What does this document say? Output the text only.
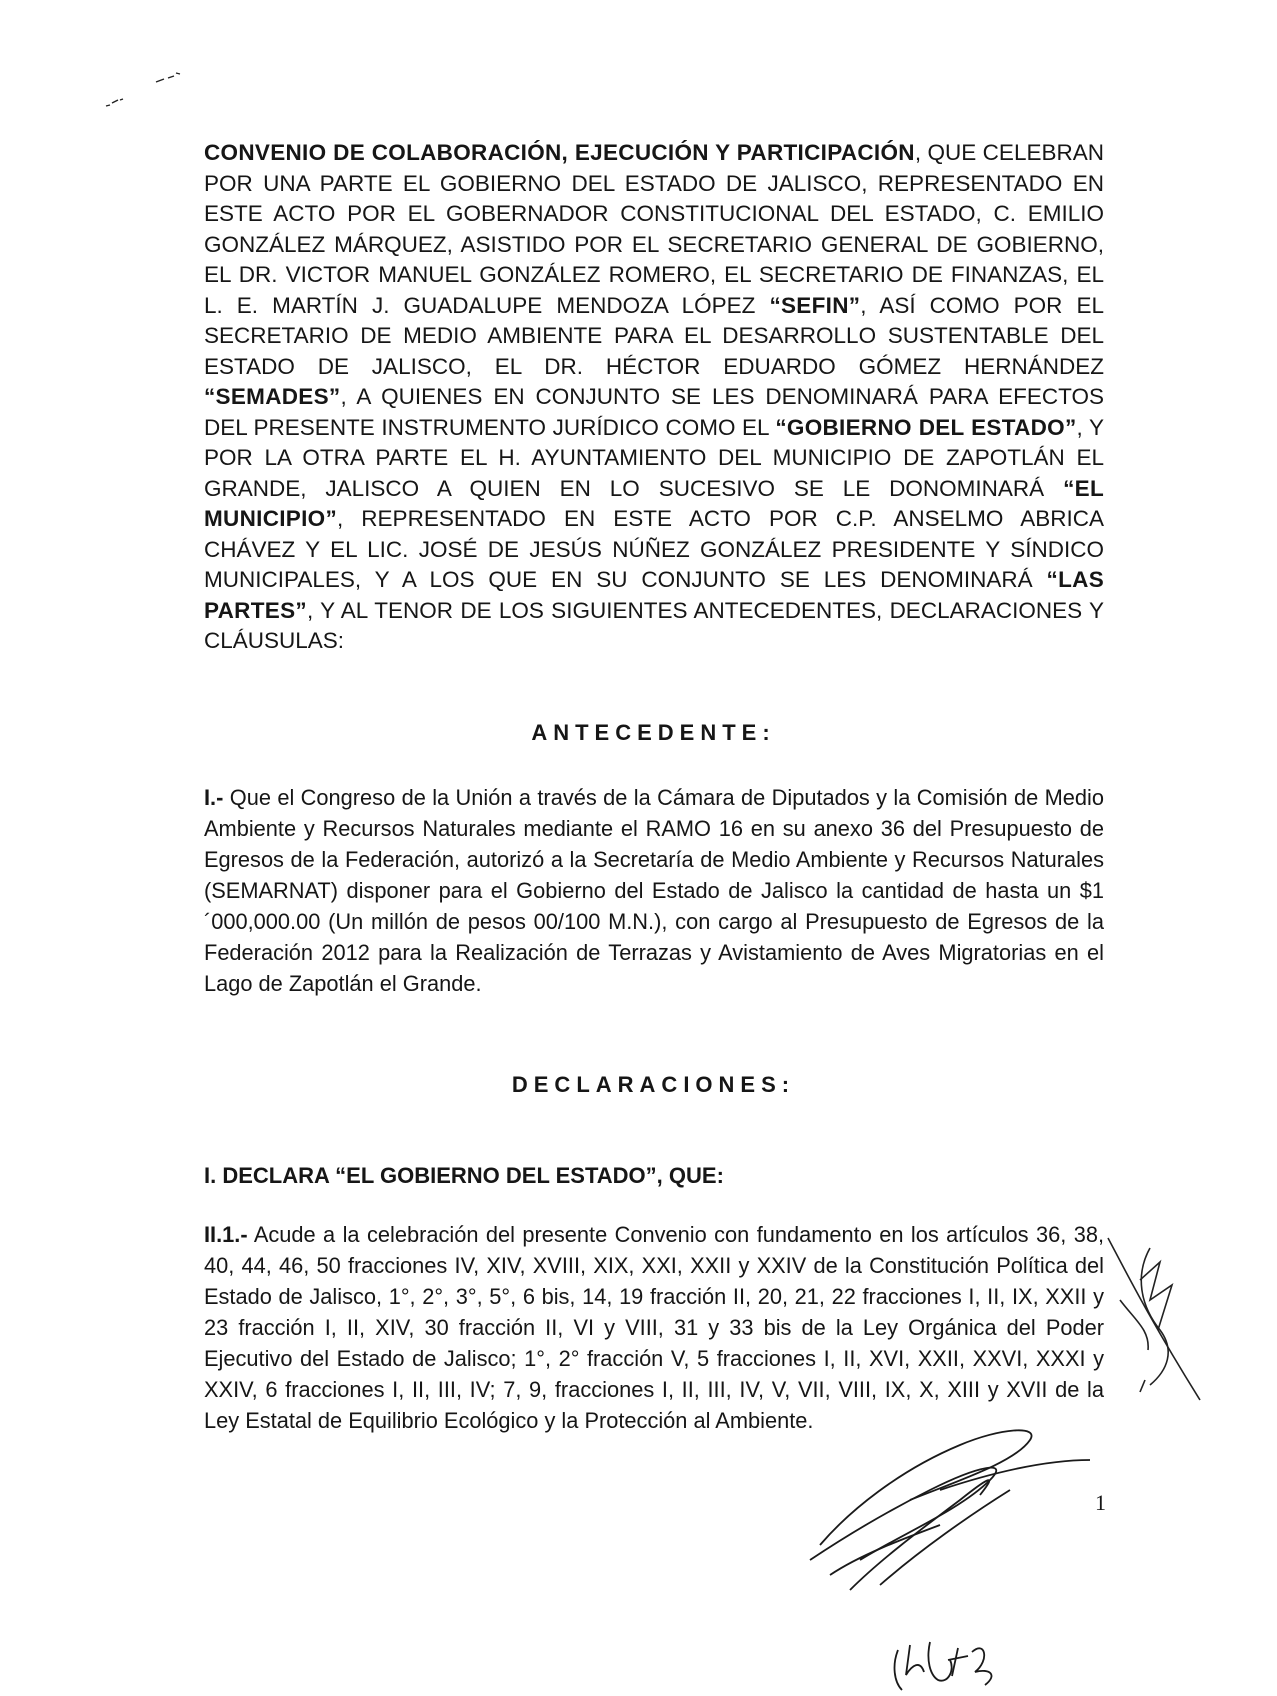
CONVENIO DE COLABORACIÓN, EJECUCIÓN Y PARTICIPACIÓN, QUE CELEBRAN POR UNA PARTE EL GOBIERNO DEL ESTADO DE JALISCO, REPRESENTADO EN ESTE ACTO POR EL GOBERNADOR CONSTITUCIONAL DEL ESTADO, C. EMILIO GONZÁLEZ MÁRQUEZ, ASISTIDO POR EL SECRETARIO GENERAL DE GOBIERNO, EL DR. VICTOR MANUEL GONZÁLEZ ROMERO, EL SECRETARIO DE FINANZAS, EL L. E. MARTÍN J. GUADALUPE MENDOZA LÓPEZ “SEFIN”, ASÍ COMO POR EL SECRETARIO DE MEDIO AMBIENTE PARA EL DESARROLLO SUSTENTABLE DEL ESTADO DE JALISCO, EL DR. HÉCTOR EDUARDO GÓMEZ HERNÁNDEZ “SEMADES”, A QUIENES EN CONJUNTO SE LES DENOMINARÁ PARA EFECTOS DEL PRESENTE INSTRUMENTO JURÍDICO COMO EL “GOBIERNO DEL ESTADO”, Y POR LA OTRA PARTE EL H. AYUNTAMIENTO DEL MUNICIPIO DE ZAPOTLÁN EL GRANDE, JALISCO A QUIEN EN LO SUCESIVO SE LE DONOMINARÁ “EL MUNICIPIO”, REPRESENTADO EN ESTE ACTO POR C.P. ANSELMO ABRICA CHÁVEZ Y EL LIC. JOSÉ DE JESÚS NÚÑEZ GONZÁLEZ PRESIDENTE Y SÍNDICO MUNICIPALES, Y A LOS QUE EN SU CONJUNTO SE LES DENOMINARÁ “LAS PARTES”, Y AL TENOR DE LOS SIGUIENTES ANTECEDENTES, DECLARACIONES Y CLÁUSULAS:
ANTECEDENTE:
I.- Que el Congreso de la Unión a través de la Cámara de Diputados y la Comisión de Medio Ambiente y Recursos Naturales mediante el RAMO 16 en su anexo 36 del Presupuesto de Egresos de la Federación, autorizó a la Secretaría de Medio Ambiente y Recursos Naturales (SEMARNAT) disponer para el Gobierno del Estado de Jalisco la cantidad de hasta un $1´000,000.00 (Un millón de pesos 00/100 M.N.), con cargo al Presupuesto de Egresos de la Federación 2012 para la Realización de Terrazas y Avistamiento de Aves Migratorias en el Lago de Zapotlán el Grande.
DECLARACIONES:
I. DECLARA “EL GOBIERNO DEL ESTADO”, QUE:
II.1.- Acude a la celebración del presente Convenio con fundamento en los artículos 36, 38, 40, 44, 46, 50 fracciones IV, XIV, XVIII, XIX, XXI, XXII y XXIV de la Constitución Política del Estado de Jalisco, 1°, 2°, 3°, 5°, 6 bis, 14, 19 fracción II, 20, 21, 22 fracciones I, II, IX, XXII y 23 fracción I, II, XIV, 30 fracción II, VI y VIII, 31 y 33 bis de la Ley Orgánica del Poder Ejecutivo del Estado de Jalisco; 1°, 2° fracción V, 5 fracciones I, II, XVI, XXII, XXVI, XXXI y XXIV, 6 fracciones I, II, III, IV; 7, 9, fracciones I, II, III, IV, V, VII, VIII, IX, X, XIII y XVII de la Ley Estatal de Equilibrio Ecológico y la Protección al Ambiente.
1
